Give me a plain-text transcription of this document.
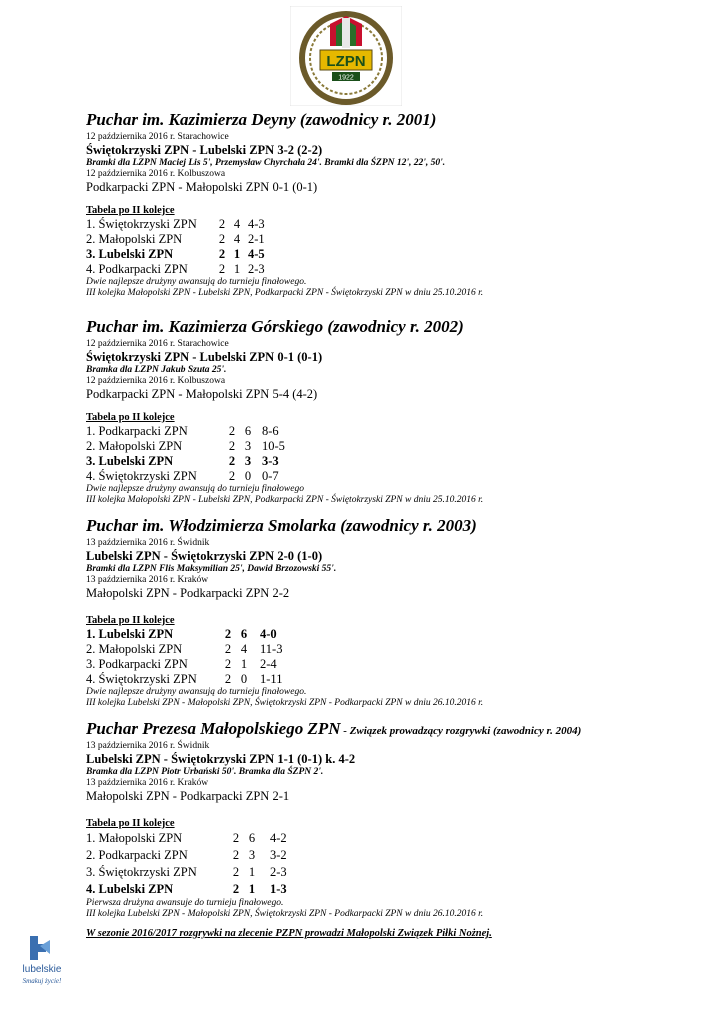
LZPN
1922
Puchar im. Kazimierza Deyny (zawodnicy r. 2001)
12 października 2016 r. Starachowice
Świętokrzyski ZPN - Lubelski ZPN 3-2 (2-2)
Bramki dla LZPN Maciej Lis 5', Przemysław Chyrchała 24'. Bramki dla ŚZPN 12', 22', 50'.
12 października 2016 r. Kolbuszowa
Podkarpacki ZPN - Małopolski ZPN 0-1 (0-1)
Tabela po II kolejce
1. Świętokrzyski ZPN	2	4	4-3
2. Małopolski ZPN	2	4	2-1
3. Lubelski ZPN	2	1	4-5
4. Podkarpacki ZPN	2	1	2-3
Dwie najlepsze drużyny awansują do turnieju finałowego.
III kolejka Małopolski ZPN - Lubelski ZPN, Podkarpacki ZPN - Świętokrzyski ZPN w dniu 25.10.2016 r.
Puchar im. Kazimierza Górskiego (zawodnicy r. 2002)
12 października 2016 r. Starachowice
Świętokrzyski ZPN - Lubelski ZPN 0-1 (0-1)
Bramka dla LZPN Jakub Szuta 25'.
12 października 2016 r. Kolbuszowa
Podkarpacki ZPN - Małopolski ZPN 5-4 (4-2)
Tabela po II kolejce
1. Podkarpacki ZPN	2	6	8-6
2. Małopolski ZPN	2	3	10-5
3. Lubelski ZPN	2	3	3-3
4. Świętokrzyski ZPN	2	0	0-7
Dwie najlepsze drużyny awansują do turnieju finałowego
III kolejka Małopolski ZPN - Lubelski ZPN, Podkarpacki ZPN - Świętokrzyski ZPN w dniu 25.10.2016 r.
Puchar im. Włodzimierza Smolarka (zawodnicy r. 2003)
13 października 2016 r. Świdnik
Lubelski ZPN - Świętokrzyski ZPN 2-0 (1-0)
Bramki dla LZPN Flis Maksymilian 25', Dawid Brzozowski 55'.
13 października 2016 r. Kraków
Małopolski ZPN - Podkarpacki ZPN 2-2
Tabela po II kolejce
1. Lubelski ZPN	2	6	4-0
2. Małopolski ZPN	2	4	11-3
3. Podkarpacki ZPN	2	1	2-4
4. Świętokrzyski ZPN	2	0	1-11
Dwie najlepsze drużyny awansują do turnieju finałowego.
III kolejka Lubelski ZPN - Małopolski ZPN, Świętokrzyski ZPN - Podkarpacki ZPN w dniu 26.10.2016 r.
Puchar Prezesa Małopolskiego ZPN - Związek prowadzący rozgrywki (zawodnicy r. 2004)
13 października 2016 r. Świdnik
Lubelski ZPN - Świętokrzyski ZPN 1-1 (0-1) k. 4-2
Bramka dla LZPN Piotr Urbański 50'. Bramka dla ŚZPN 2'.
13 października 2016 r. Kraków
Małopolski ZPN - Podkarpacki ZPN 2-1
Tabela po II kolejce
1. Małopolski ZPN	2	6	4-2
2. Podkarpacki ZPN	2	3	3-2
3. Świętokrzyski ZPN	2	1	2-3
4. Lubelski ZPN	2	1	1-3
Pierwsza drużyna awansuje do turnieju finałowego.
III kolejka Lubelski ZPN - Małopolski ZPN, Świętokrzyski ZPN - Podkarpacki ZPN w dniu 26.10.2016 r.
W sezonie 2016/2017 rozgrywki na zlecenie PZPN prowadzi Małopolski Związek Piłki Nożnej.
lubelskie
Smakuj życie!
